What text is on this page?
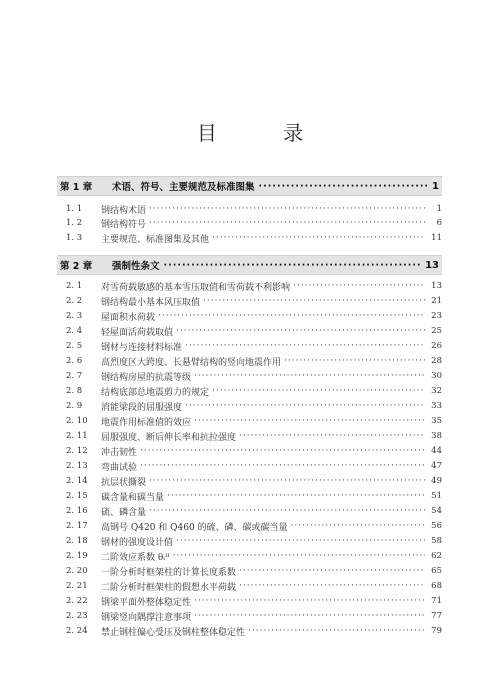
目 录
第 1 章	术语、符号、主要规范及标准图集 ·····	1
1. 1	钢结构术语 ·····	1
1. 2	钢结构符号 ·····	6
1. 3	主要规范、标准图集及其他 ·····	11
第 2 章	强制性条文 ·····	13
2. 1	对雪荷载敏感的基本雪压取值和雪荷载不利影响 ·····	13
2. 2	钢结构最小基本风压取值 ·····	21
2. 3	屋面积水荷载 ·····	23
2. 4	轻屋面活荷载取值 ·····	25
2. 5	钢材与连接材料标准 ·····	26
2. 6	高烈度区大跨度、长悬臂结构的竖向地震作用 ·····	28
2. 7	钢结构房屋的抗震等级 ·····	30
2. 8	结构底部总地震剪力的规定 ·····	32
2. 9	消能梁段的屈服强度 ·····	33
2. 10	地震作用标准值的效应 ·····	35
2. 11	屈服强度、断后伸长率和抗拉强度 ·····	38
2. 12	冲击韧性 ·····	44
2. 13	弯曲试验 ·····	47
2. 14	抗层状撕裂 ·····	49
2. 15	碳含量和碳当量 ·····	51
2. 16	硫、磷含量 ·····	54
2. 17	高钢号 Q420 和 Q460 的硫、磷、碳或碳当量 ·····	56
2. 18	钢材的强度设计值 ·····	58
2. 19	二阶效应系数 θᵢᴵᴵ ·····	62
2. 20	一阶分析时框架柱的计算长度系数 ·····	65
2. 21	二阶分析时框架柱的假想水平荷载 ·····	68
2. 22	钢梁平面外整体稳定性 ·····	71
2. 23	钢梁竖向隅撑注意事项 ·····	77
2. 24	禁止钢柱偏心受压及钢柱整体稳定性 ·····	79
